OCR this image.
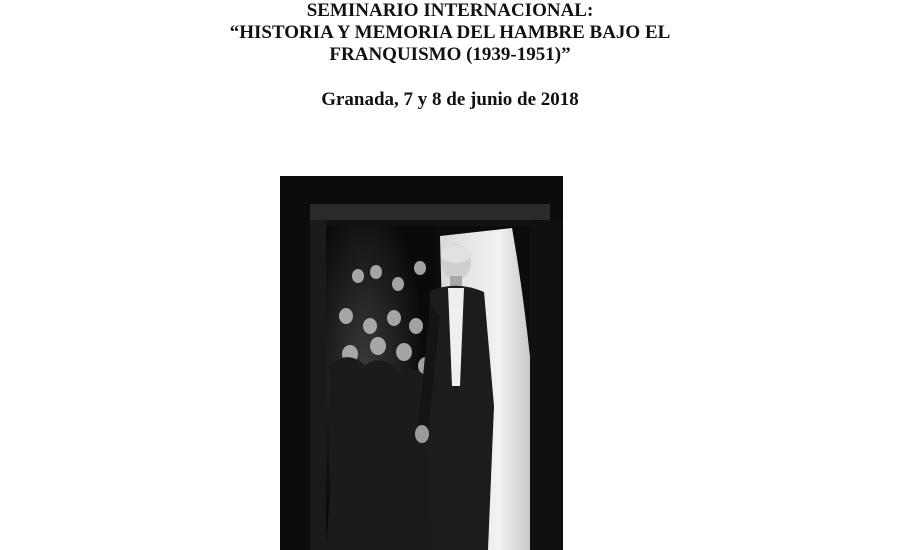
SEMINARIO INTERNACIONAL:
“HISTORIA Y MEMORIA DEL HAMBRE BAJO EL
FRANQUISMO (1939-1951)”
Granada, 7 y 8 de junio de 2018
